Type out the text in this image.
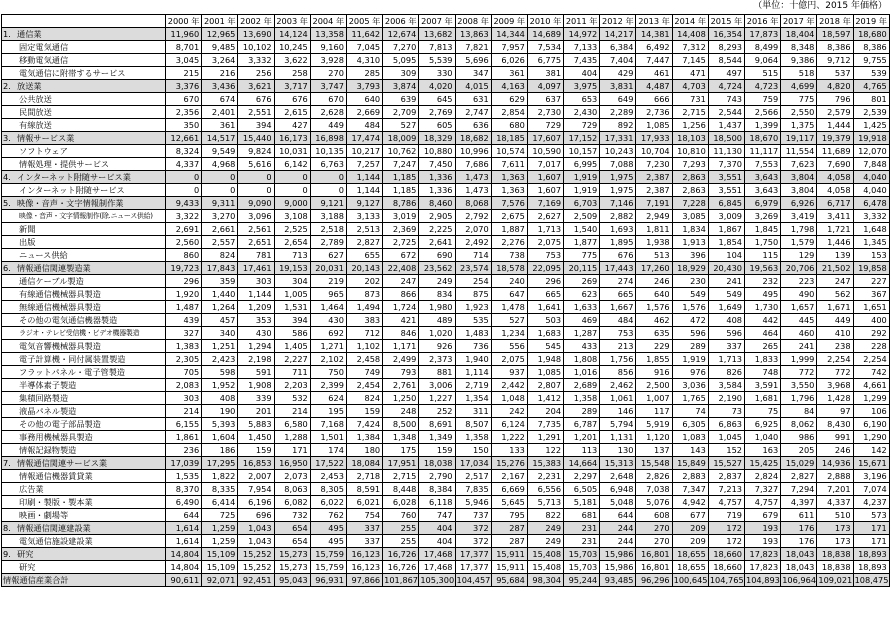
（単位：十億円、2015 年価格）
	2000 年	2001 年	2002 年	2003 年	2004 年	2005 年	2006 年	2007 年	2008 年	2009 年	2010 年	2011 年	2012 年	2013 年	2014 年	2015 年	2016 年	2017 年	2018 年	2019 年
1. 通信業	11,960	12,965	13,690	14,124	13,358	11,642	12,674	13,682	13,863	14,344	14,689	14,972	14,217	14,381	14,408	16,354	17,873	18,404	18,597	18,680
固定電気通信	8,701	9,485	10,102	10,245	9,160	7,045	7,270	7,813	7,821	7,957	7,534	7,133	6,384	6,492	7,312	8,293	8,499	8,348	8,386	8,386
移動電気通信	3,045	3,264	3,332	3,622	3,928	4,310	5,095	5,539	5,696	6,026	6,775	7,435	7,404	7,447	7,145	8,544	9,064	9,386	9,712	9,755
電気通信に附帯するサービス	215	216	256	258	270	285	309	330	347	361	381	404	429	461	471	497	515	518	537	539
2. 放送業	3,376	3,436	3,621	3,717	3,747	3,793	3,874	4,020	4,015	4,163	4,097	3,975	3,831	4,487	4,703	4,724	4,723	4,699	4,820	4,765
公共放送	670	674	676	676	670	640	639	645	631	629	637	653	649	666	731	743	759	775	796	801
民間放送	2,356	2,401	2,551	2,615	2,628	2,669	2,709	2,769	2,747	2,854	2,730	2,430	2,289	2,736	2,715	2,544	2,566	2,550	2,579	2,539
有線放送	350	361	394	427	449	484	527	605	636	680	729	729	892	1,085	1,256	1,437	1,399	1,375	1,444	1,425
3. 情報サービス業	12,661	14,517	15,440	16,173	16,898	17,474	18,009	18,329	18,682	18,185	17,607	17,152	17,331	17,933	18,103	18,500	18,670	19,117	19,379	19,918
ソフトウェア	8,324	9,549	9,824	10,031	10,135	10,217	10,762	10,880	10,996	10,574	10,590	10,157	10,243	10,704	10,810	11,130	11,117	11,554	11,689	12,070
情報処理・提供サービス	4,337	4,968	5,616	6,142	6,763	7,257	7,247	7,450	7,686	7,611	7,017	6,995	7,088	7,230	7,293	7,370	7,553	7,623	7,690	7,848
4. インターネット附随サービス業	0	0	0	0	0	1,144	1,185	1,336	1,473	1,363	1,607	1,919	1,975	2,387	2,863	3,551	3,643	3,804	4,058	4,040
インターネット附随サービス	0	0	0	0	0	1,144	1,185	1,336	1,473	1,363	1,607	1,919	1,975	2,387	2,863	3,551	3,643	3,804	4,058	4,040
5. 映像・音声・文字情報制作業	9,433	9,311	9,090	9,000	9,121	9,127	8,786	8,460	8,068	7,576	7,169	6,703	7,146	7,191	7,228	6,845	6,979	6,926	6,717	6,478
映像・音声・文字情報制作(除.ニュース供給)	3,322	3,270	3,096	3,108	3,188	3,133	3,019	2,905	2,792	2,675	2,627	2,509	2,882	2,949	3,085	3,009	3,269	3,419	3,411	3,332
新聞	2,691	2,661	2,561	2,525	2,518	2,513	2,369	2,225	2,070	1,887	1,713	1,540	1,693	1,811	1,834	1,867	1,845	1,798	1,721	1,648
出版	2,560	2,557	2,651	2,654	2,789	2,827	2,725	2,641	2,492	2,276	2,075	1,877	1,895	1,938	1,913	1,854	1,750	1,579	1,446	1,345
ニュース供給	860	824	781	713	627	655	672	690	714	738	753	775	676	513	396	104	115	129	139	153
6. 情報通信関連製造業	19,723	17,843	17,461	19,153	20,031	20,143	22,408	23,562	23,574	18,578	22,095	20,115	17,443	17,260	18,929	20,430	19,563	20,706	21,502	19,858
通信ケーブル製造	296	359	303	304	219	202	247	249	254	240	296	269	274	246	230	241	232	223	247	227
有線通信機械器具製造	1,920	1,440	1,144	1,005	965	873	866	834	875	647	665	623	665	640	549	549	495	490	562	367
無線通信機械器具製造	1,487	1,264	1,209	1,531	1,464	1,494	1,724	1,980	1,923	1,478	1,641	1,633	1,667	1,576	1,576	1,649	1,730	1,657	1,671	1,651
その他の電気通信機器製造	439	457	353	394	430	383	421	489	535	527	503	469	484	462	472	408	442	445	449	400
ラジオ・テレビ受信機・ビデオ機器製造	327	340	430	586	692	712	846	1,020	1,483	1,234	1,683	1,287	753	635	596	596	464	460	410	292
電気音響機械器具製造	1,383	1,251	1,294	1,405	1,271	1,102	1,171	926	736	556	545	433	213	229	289	337	265	241	238	228
電子計算機・同付属装置製造	2,305	2,423	2,198	2,227	2,102	2,458	2,499	2,373	1,940	2,075	1,948	1,808	1,756	1,855	1,919	1,713	1,833	1,999	2,254	2,254
フラットパネル・電子管製造	705	598	591	711	750	749	793	881	1,114	937	1,085	1,016	856	916	976	826	748	772	772	742
半導体素子製造	2,083	1,952	1,908	2,203	2,399	2,454	2,761	3,006	2,719	2,442	2,807	2,689	2,462	2,500	3,036	3,584	3,591	3,550	3,968	4,661
集積回路製造	303	408	339	532	624	824	1,250	1,227	1,354	1,048	1,412	1,358	1,061	1,007	1,765	2,190	1,681	1,796	1,428	1,299
液晶パネル製造	214	190	201	214	195	159	248	252	311	242	204	289	146	117	74	73	75	84	97	106
その他の電子部品製造	6,155	5,393	5,883	6,580	7,168	7,424	8,500	8,691	8,507	6,124	7,735	6,787	5,794	5,919	6,305	6,863	6,925	8,062	8,430	6,190
事務用機械器具製造	1,861	1,604	1,450	1,288	1,501	1,384	1,348	1,349	1,358	1,222	1,291	1,201	1,131	1,120	1,083	1,045	1,040	986	991	1,290
情報記録物製造	236	186	159	171	174	180	175	159	150	133	122	113	130	137	143	152	163	205	246	142
7. 情報通信関連サービス業	17,039	17,295	16,853	16,950	17,522	18,084	17,951	18,038	17,034	15,276	15,383	14,664	15,313	15,548	15,849	15,527	15,425	15,029	14,936	15,671
情報通信機器賃貸業	1,535	1,822	2,007	2,073	2,453	2,718	2,715	2,790	2,517	2,167	2,231	2,297	2,648	2,826	2,883	2,837	2,824	2,827	2,888	3,196
広告業	8,370	8,335	7,954	8,063	8,305	8,591	8,448	8,384	7,835	6,669	6,556	6,505	6,948	7,038	7,347	7,213	7,327	7,294	7,201	7,074
印刷・製版・製本業	6,490	6,414	6,196	6,082	6,022	6,021	6,028	6,118	5,946	5,645	5,713	5,181	5,048	5,076	4,942	4,757	4,757	4,397	4,337	4,237
映画・劇場等	644	725	696	732	762	754	760	747	737	795	822	681	644	608	677	719	679	611	510	573
8. 情報通信関連建設業	1,614	1,259	1,043	654	495	337	255	404	372	287	249	231	244	270	209	172	193	176	173	171
電気通信施設建設業	1,614	1,259	1,043	654	495	337	255	404	372	287	249	231	244	270	209	172	193	176	173	171
9. 研究	14,804	15,109	15,252	15,273	15,759	16,123	16,726	17,468	17,377	15,911	15,408	15,703	15,986	16,801	18,655	18,660	17,823	18,043	18,838	18,893
研究	14,804	15,109	15,252	15,273	15,759	16,123	16,726	17,468	17,377	15,911	15,408	15,703	15,986	16,801	18,655	18,660	17,823	18,043	18,838	18,893
情報通信産業合計	90,611	92,071	92,451	95,043	96,931	97,866	101,867	105,300	104,457	95,684	98,304	95,244	93,485	96,296	100,645	104,765	104,893	106,964	109,021	108,475
